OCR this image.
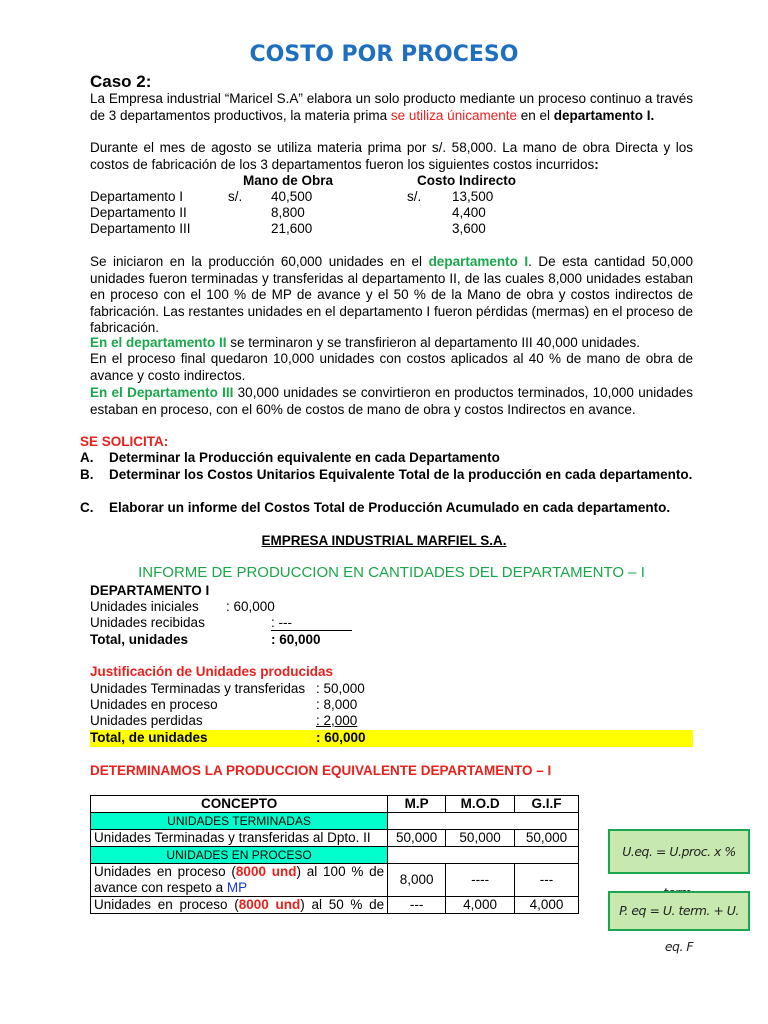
COSTO POR PROCESO
Caso 2:
La Empresa industrial “Maricel S.A” elabora un solo producto mediante un proceso continuo a través de 3 departamentos productivos, la materia prima se utiliza únicamente en el departamento I.
Durante el mes de agosto se utiliza materia prima por s/. 58,000. La mano de obra Directa y los costos de fabricación de los 3 departamentos fueron los siguientes costos incurridos:
Mano de Obra	Costo Indirecto
Departamento I	s/. 40,500	s/. 13,500
Departamento II	8,800	4,400
Departamento III	21,600	3,600
Se iniciaron en la producción 60,000 unidades en el departamento I. De esta cantidad 50,000 unidades fueron terminadas y transferidas al departamento II, de las cuales 8,000 unidades estaban en proceso con el 100 % de MP de avance y el 50 % de la Mano de obra y costos indirectos de fabricación. Las restantes unidades en el departamento I fueron pérdidas (mermas) en el proceso de fabricación.
En el departamento II se terminaron y se transfirieron al departamento III 40,000 unidades.
En el proceso final quedaron 10,000 unidades con costos aplicados al 40 % de mano de obra de avance y costo indirectos.
En el Departamento III 30,000 unidades se convirtieron en productos terminados, 10,000 unidades estaban en proceso, con el 60% de costos de mano de obra y costos Indirectos en avance.
SE SOLICITA:
A. Determinar la Producción equivalente en cada Departamento
B. Determinar los Costos Unitarios Equivalente Total de la producción en cada departamento.
C. Elaborar un informe del Costos Total de Producción Acumulado en cada departamento.
EMPRESA INDUSTRIAL MARFIEL S.A.
INFORME DE PRODUCCION EN CANTIDADES DEL DEPARTAMENTO – I
DEPARTAMENTO I
Unidades iniciales : 60,000
Unidades recibidas	: ---
Total, unidades	: 60,000
Justificación de Unidades producidas
Unidades Terminadas y transferidas : 50,000
Unidades en proceso	: 8,000
Unidades perdidas	: 2,000
Total, de unidades	: 60,000
DETERMINAMOS LA PRODUCCION EQUIVALENTE DEPARTAMENTO – I
CONCEPTO	M.P	M.O.D	G.I.F
UNIDADES TERMINADAS			
Unidades Terminadas y transferidas al Dpto. II	50,000	50,000	50,000
UNIDADES EN PROCESO			
Unidades en proceso (8000 und) al 100 % de avance con respeto a MP	8,000	----	---
Unidades en proceso (8000 und) al 50 % de	---	4,000	4,000
U.eq. = U.proc. x %
P. eq = U. term. + U. eq. F
